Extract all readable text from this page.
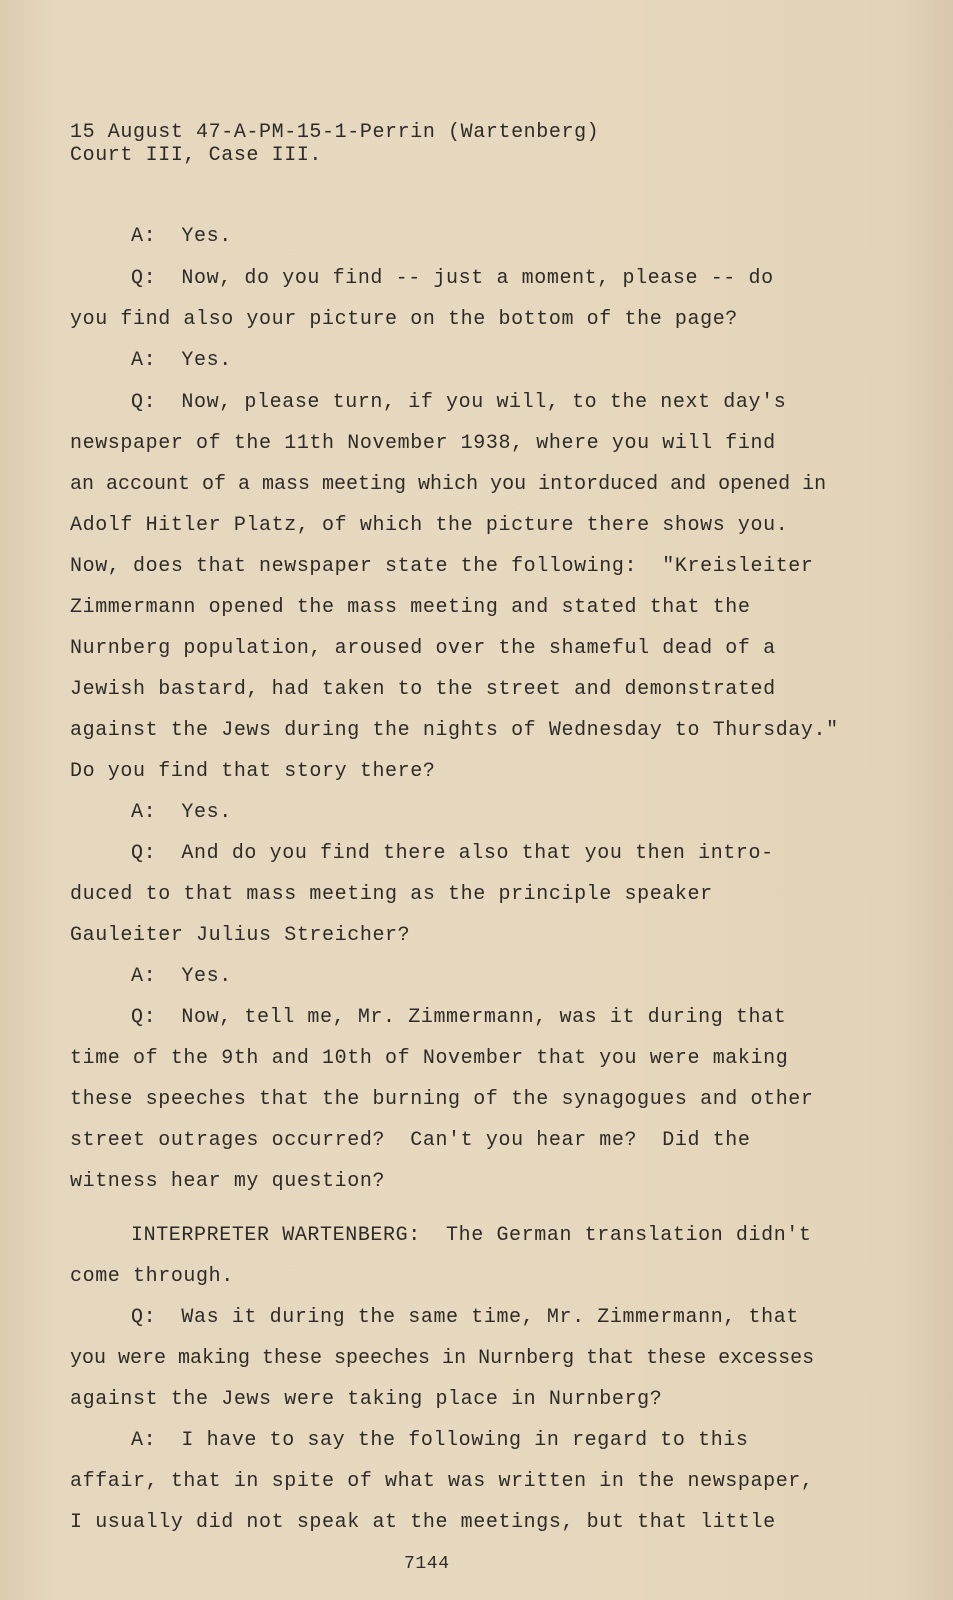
15 August 47-A-PM-15-1-Perrin (Wartenberg)
Court III, Case III.
A:  Yes.
Q:  Now, do you find -- just a moment, please -- do
you find also your picture on the bottom of the page?
A:  Yes.
Q:  Now, please turn, if you will, to the next day's
newspaper of the 11th November 1938, where you will find
an account of a mass meeting which you intorduced and opened in
Adolf Hitler Platz, of which the picture there shows you.
Now, does that newspaper state the following:  "Kreisleiter
Zimmermann opened the mass meeting and stated that the
Nurnberg population, aroused over the shameful dead of a
Jewish bastard, had taken to the street and demonstrated
against the Jews during the nights of Wednesday to Thursday."
Do you find that story there?
A:  Yes.
Q:  And do you find there also that you then intro-
duced to that mass meeting as the principle speaker
Gauleiter Julius Streicher?
A:  Yes.
Q:  Now, tell me, Mr. Zimmermann, was it during that
time of the 9th and 10th of November that you were making
these speeches that the burning of the synagogues and other
street outrages occurred?  Can't you hear me?  Did the
witness hear my question?
INTERPRETER WARTENBERG:  The German translation didn't
come through.
Q:  Was it during the same time, Mr. Zimmermann, that
you were making these speeches in Nurnberg that these excesses
against the Jews were taking place in Nurnberg?
A:  I have to say the following in regard to this
affair, that in spite of what was written in the newspaper,
I usually did not speak at the meetings, but that little
7144
